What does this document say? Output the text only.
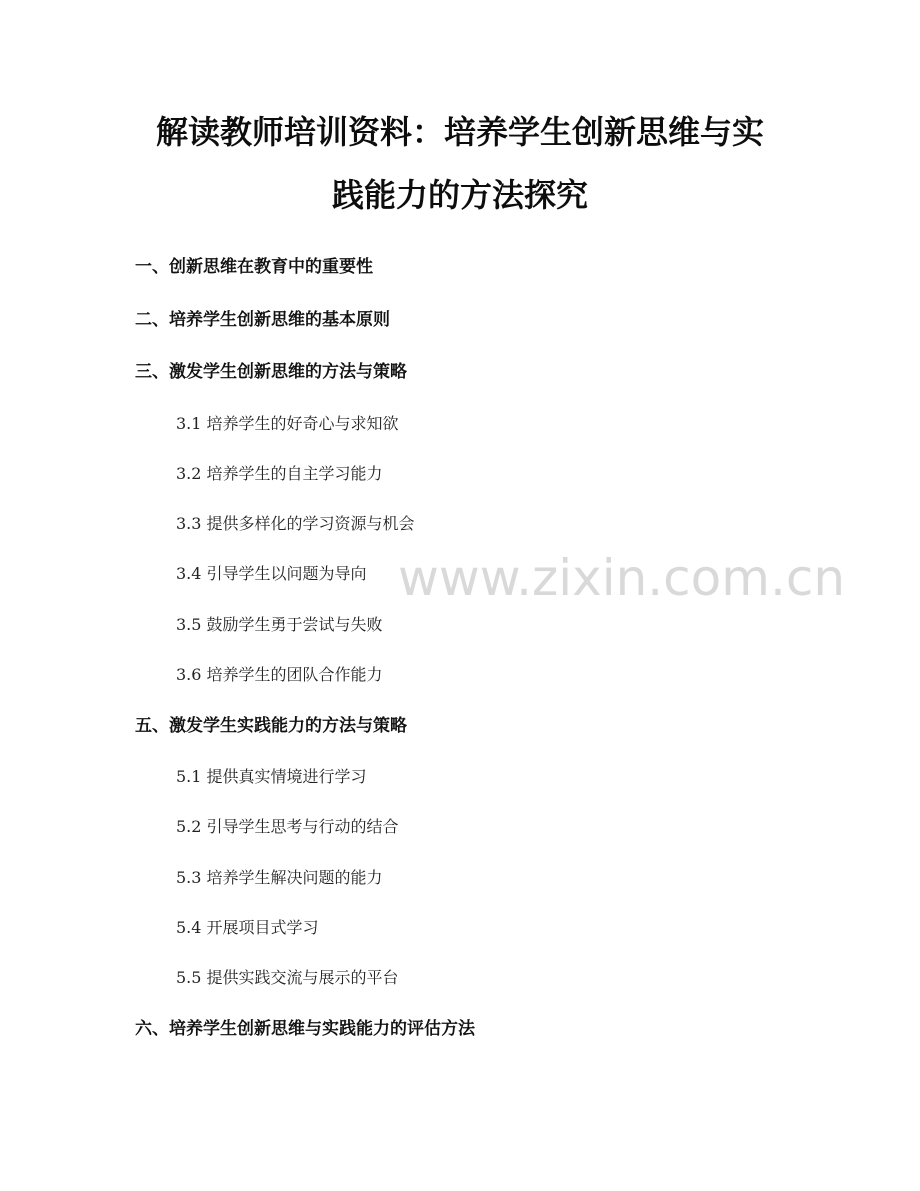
解读教师培训资料：培养学生创新思维与实
践能力的方法探究
一、创新思维在教育中的重要性
二、培养学生创新思维的基本原则
三、激发学生创新思维的方法与策略
3.1 培养学生的好奇心与求知欲
3.2 培养学生的自主学习能力
3.3 提供多样化的学习资源与机会
3.4 引导学生以问题为导向
3.5 鼓励学生勇于尝试与失败
3.6 培养学生的团队合作能力
五、激发学生实践能力的方法与策略
5.1 提供真实情境进行学习
5.2 引导学生思考与行动的结合
5.3 培养学生解决问题的能力
5.4 开展项目式学习
5.5 提供实践交流与展示的平台
六、培养学生创新思维与实践能力的评估方法
www.zixin.com.cn
